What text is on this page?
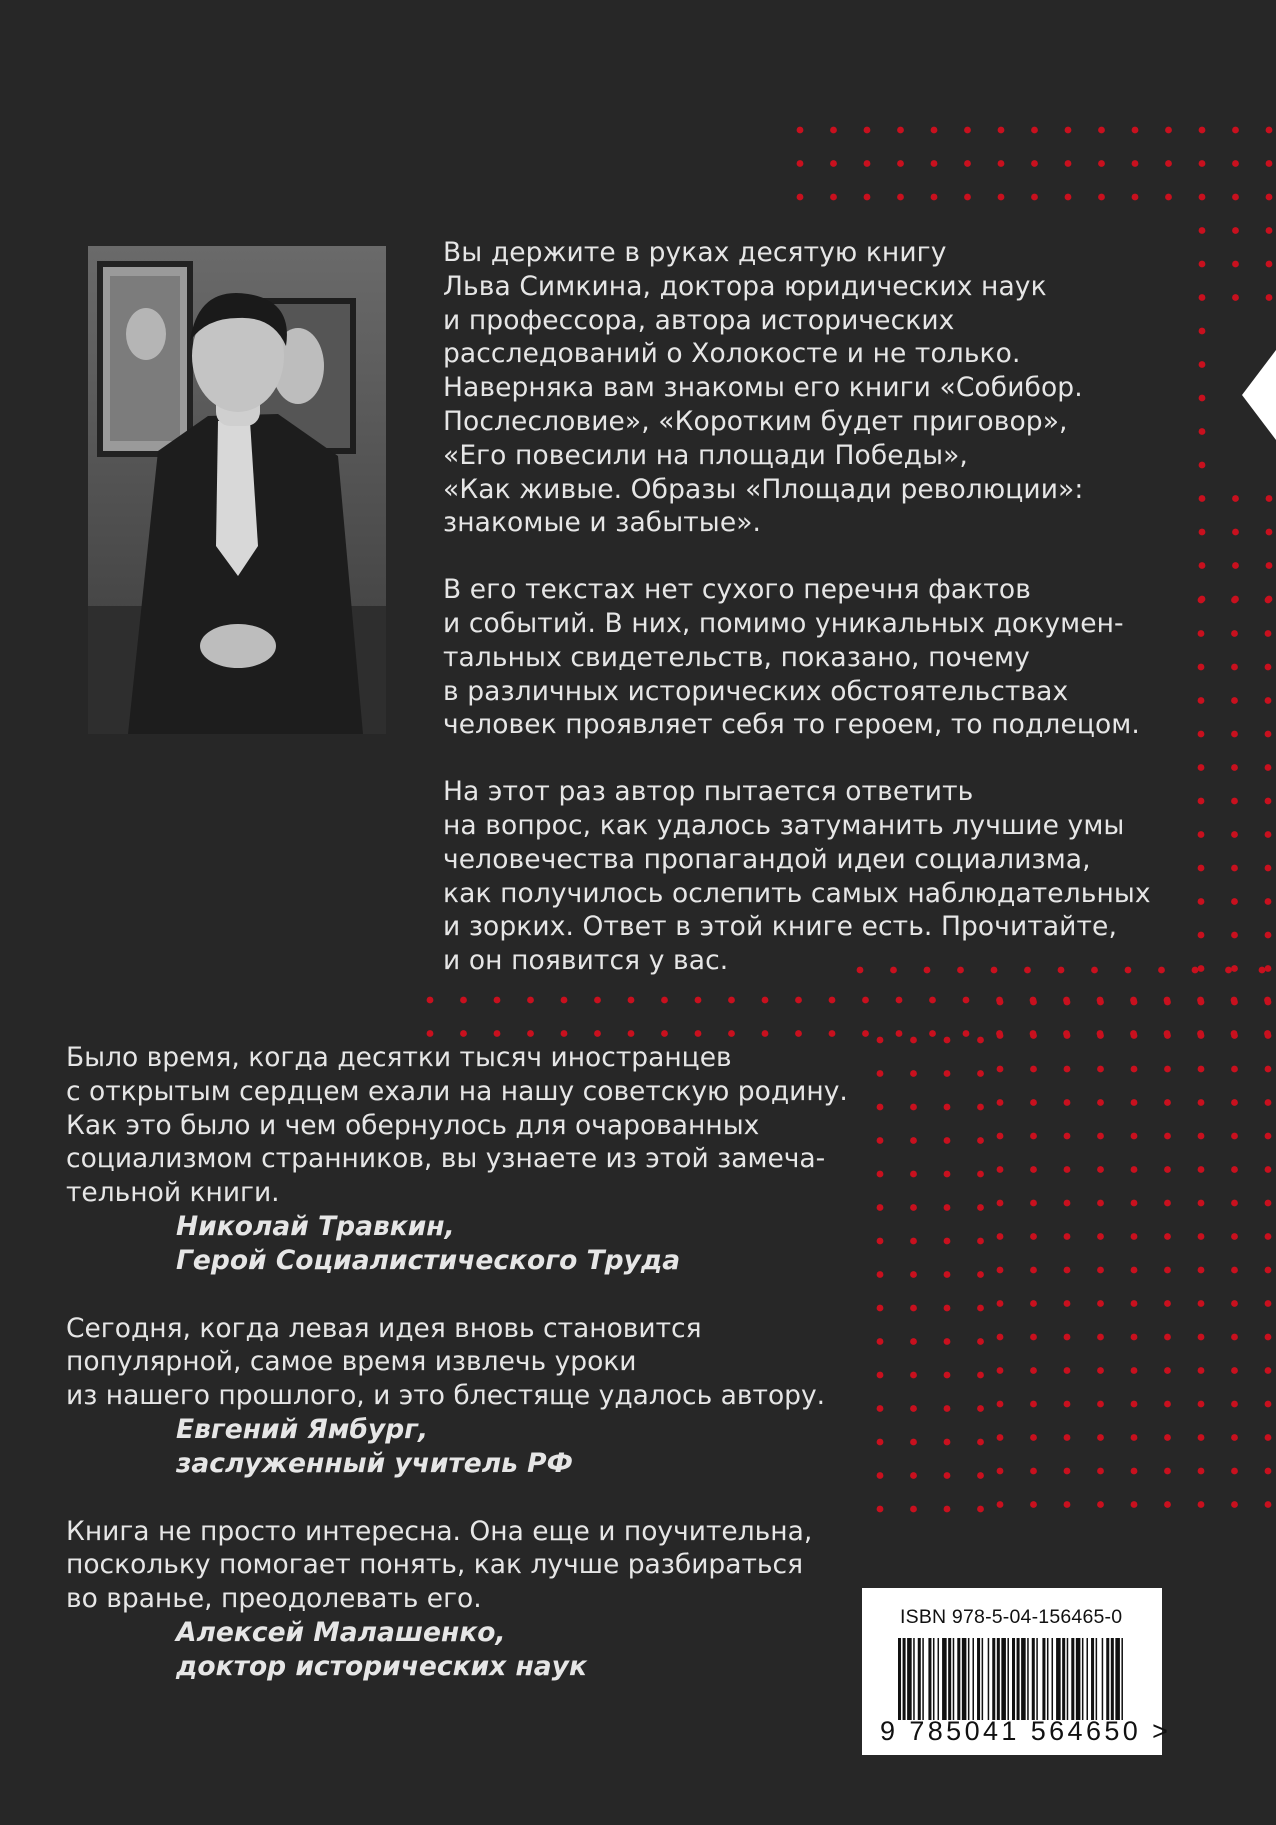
Вы держите в руках десятую книгу
Льва Симкина, доктора юридических наук
и профессора, автора исторических
расследований о Холокосте и не только.
Наверняка вам знакомы его книги «Собибор.
Послесловие», «Коротким будет приговор»,
«Его повесили на площади Победы»,
«Как живые. Образы «Площади революции»:
знакомые и забытые».

В его текстах нет сухого перечня фактов
и событий. В них, помимо уникальных докумен-
тальных свидетельств, показано, почему
в различных исторических обстоятельствах
человек проявляет себя то героем, то подлецом.

На этот раз автор пытается ответить
на вопрос, как удалось затуманить лучшие умы
человечества пропагандой идеи социализма,
как получилось ослепить самых наблюдательных
и зорких. Ответ в этой книге есть. Прочитайте,
и он появится у вас.

Было время, когда десятки тысяч иностранцев
с открытым сердцем ехали на нашу советскую родину.
Как это было и чем обернулось для очарованных
социализмом странников, вы узнаете из этой замеча-
тельной книги.

Николай Травкин,
Герой Социалистического Труда

Сегодня, когда левая идея вновь становится
популярной, самое время извлечь уроки
из нашего прошлого, и это блестяще удалось автору.

Евгений Ямбург,
заслуженный учитель РФ

Книга не просто интересна. Она еще и поучительна,
поскольку помогает понять, как лучше разбираться
во вранье, преодолевать его.

Алексей Малашенко,
доктор исторических наук
ISBN 978-5-04-156465-0
9 785041 564650 >
